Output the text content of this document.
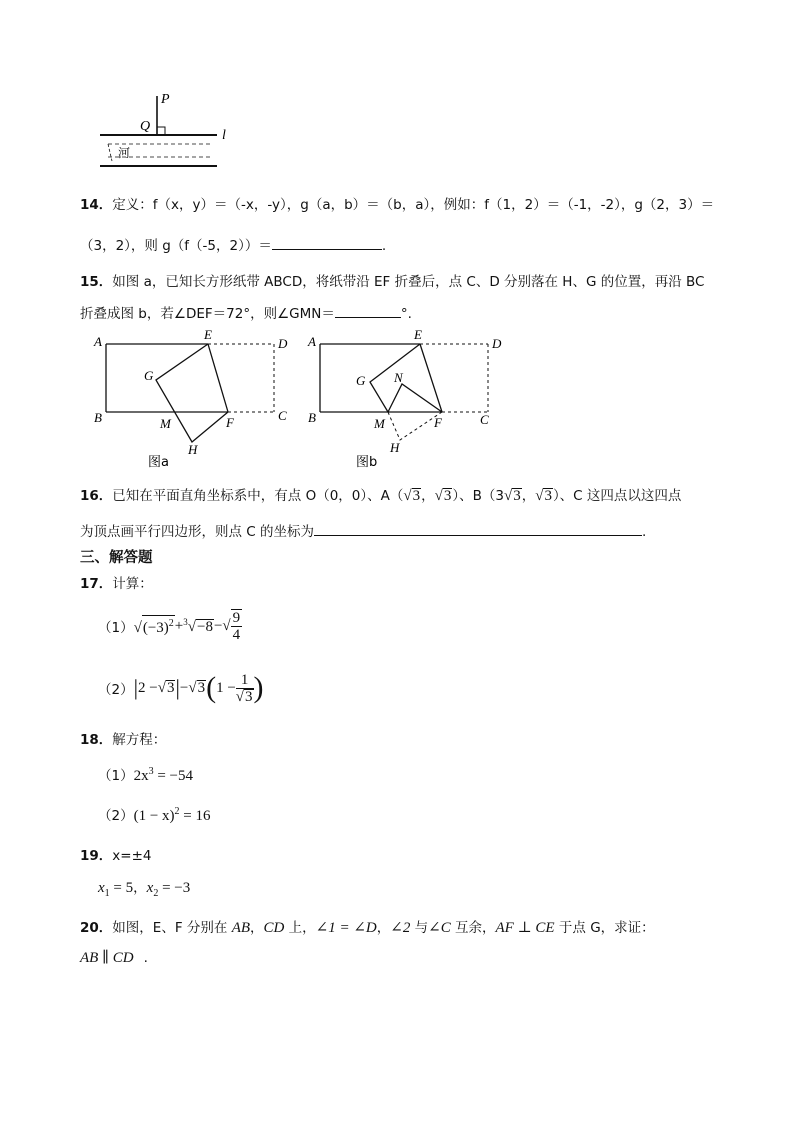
P
Q
l
河
14．定义：f（x，y）＝（-x，-y），g（a，b）＝（b，a），例如：f（1，2）＝（-1，-2），g（2，3）＝
（3，2），则 g（f（-5，2））＝	.
15．如图 a，已知长方形纸带 ABCD，将纸带沿 EF 折叠后，点 C、D 分别落在 H、G 的位置，再沿 BC
折叠成图 b，若∠DEF＝72°，则∠GMN＝	°.
A
B	C
D
E
F
G
H
M
图a
A
B	C
D
E
F
G
H
M
N
图b
16．已知在平面直角坐标系中，有点 O（0，0）、A（√3，√3）、B（3√3，√3）、C 这四点以这四点
为顶点画平行四边形，则点 C 的坐标为	.
三、解答题
17．计算：
（1） $√(-3)^2 + ^3√-8$ − √ $\frac{9}{4}$
（2） | 2 − √3 | − √3 ( $1 - \frac{1}{√3}$ )
18．解方程：
$(1)2x^3 = -54$
$(2)(1 - x)^2 = 16$
19．x=±4
$x_1 = 5$，$x_2 = -3$
20．如图，E、F 分别在 AB，CD 上，∠1 = ∠D，∠2 与∠C 互余，AF ⊥ CE 于点 G，求证：
AB ∥ CD .
